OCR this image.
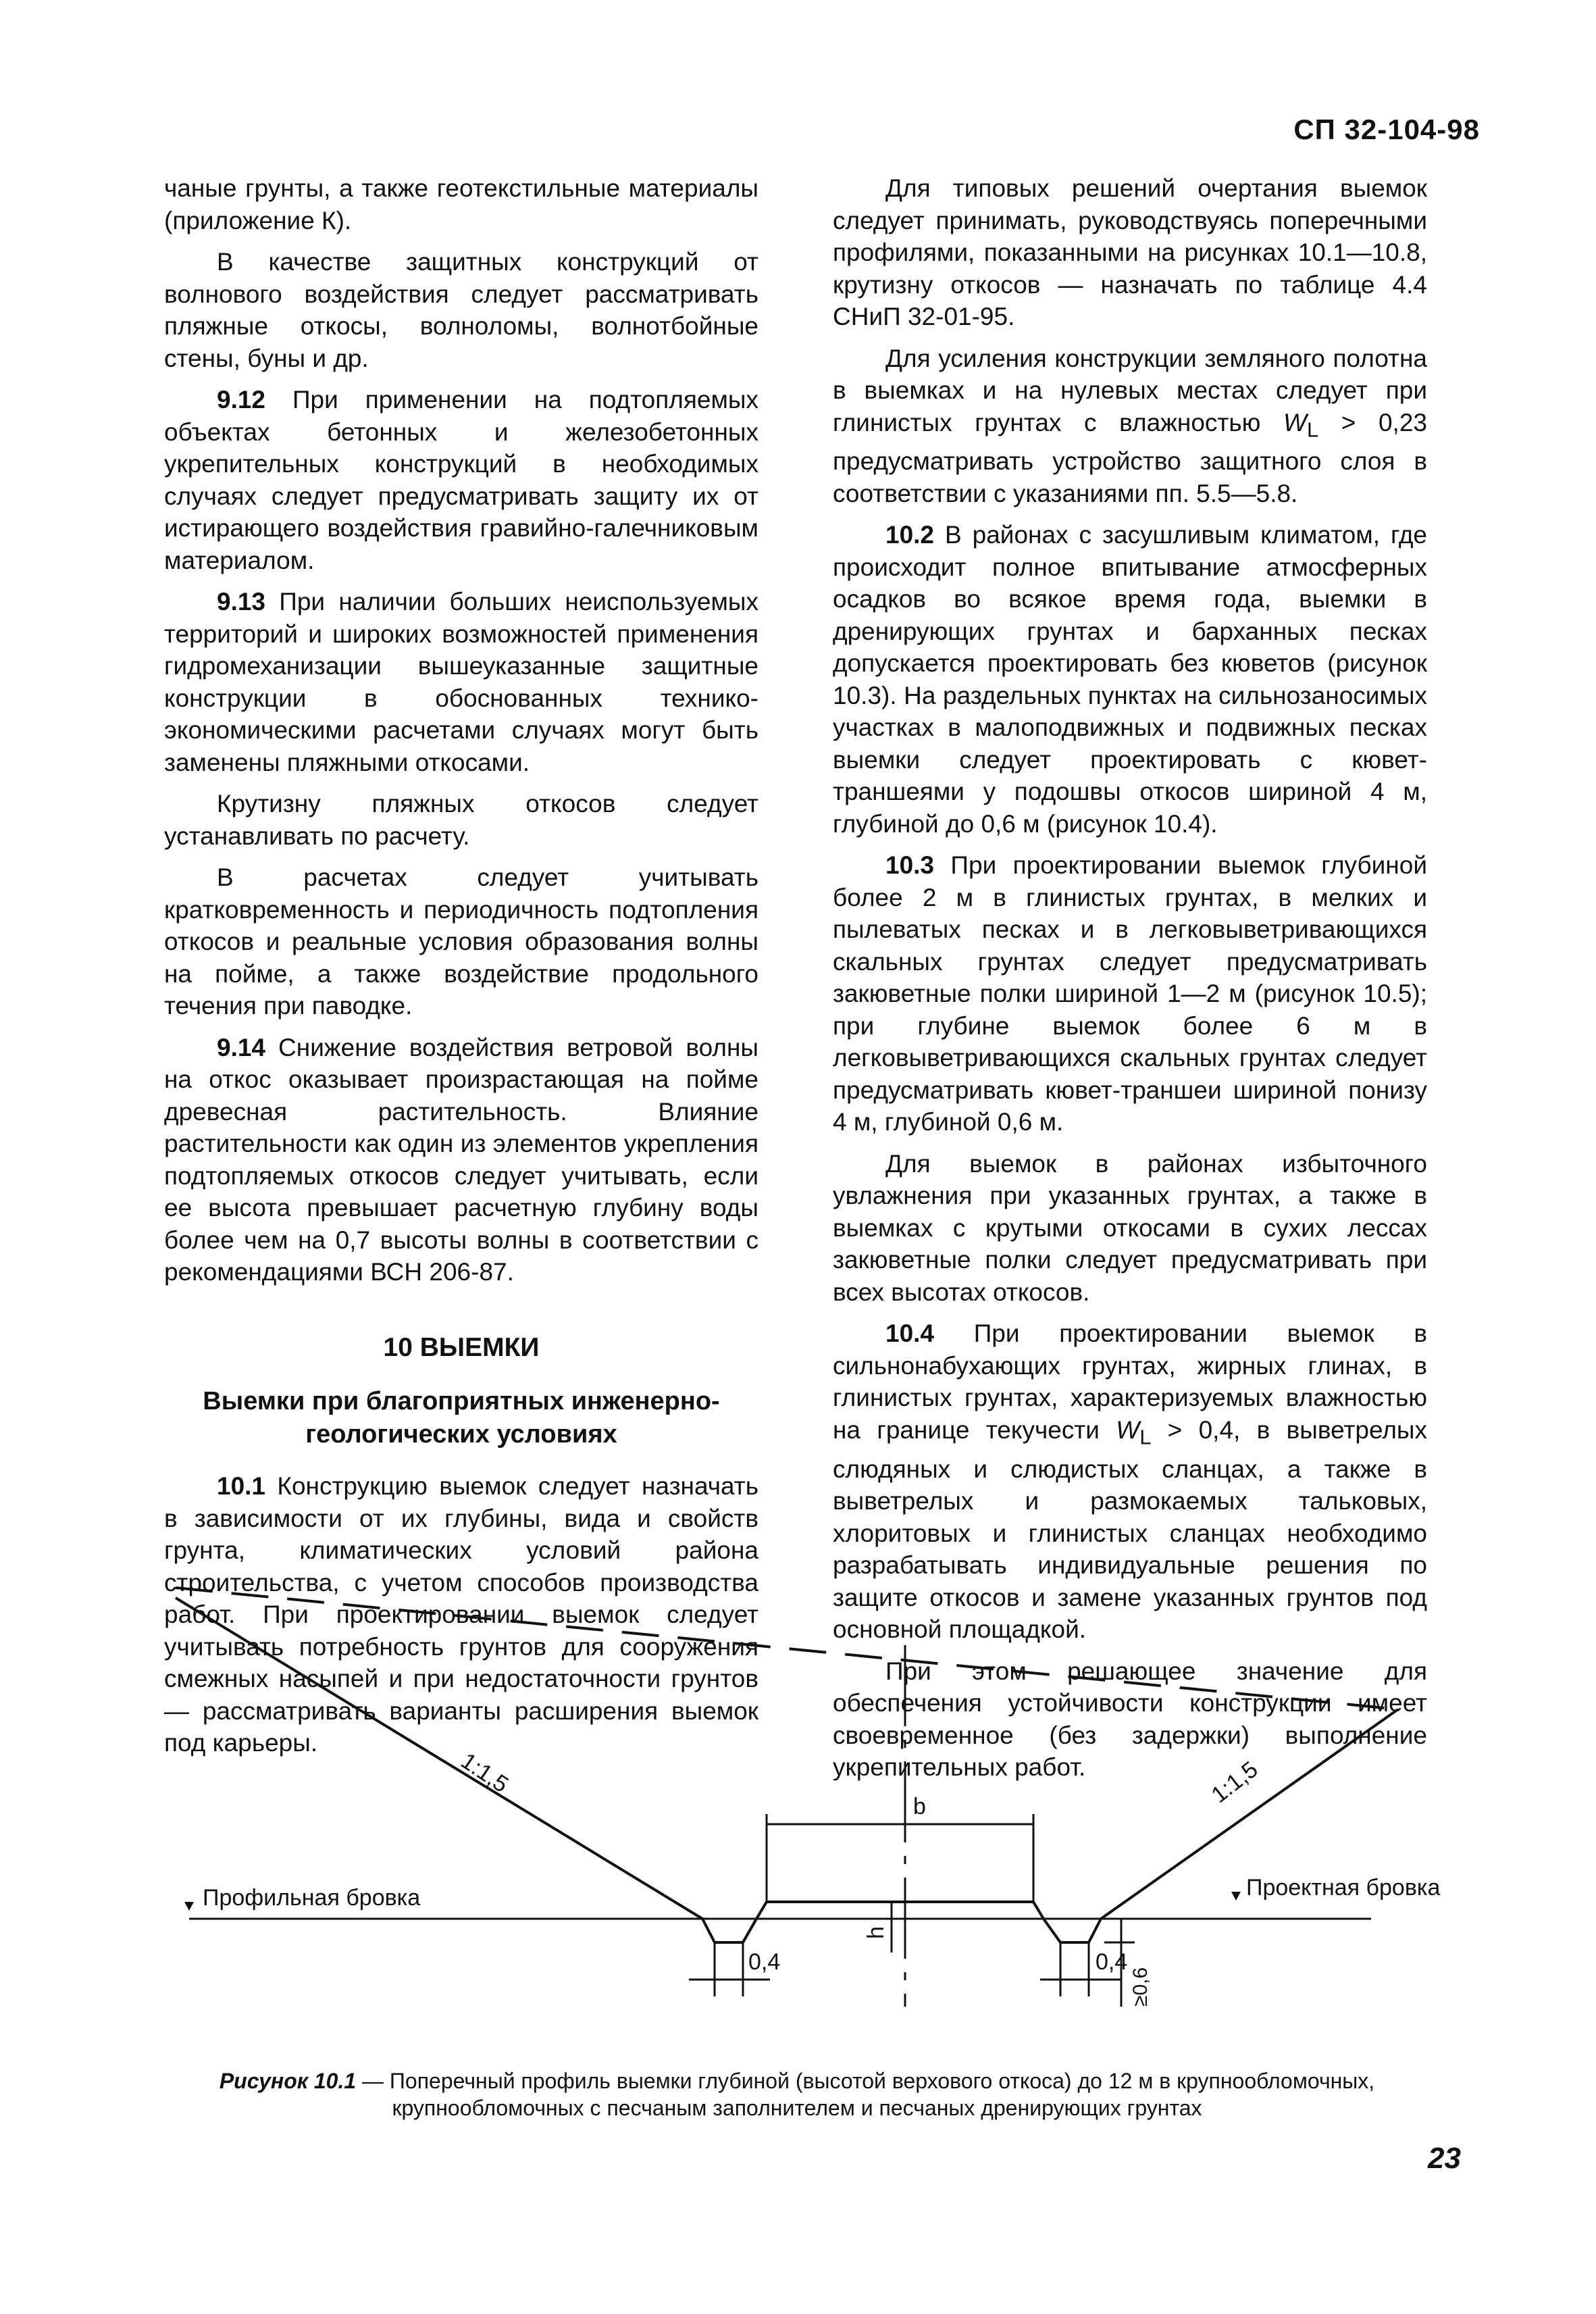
СП 32-104-98

чаные грунты, а также геотекстильные материалы (приложение К).

В качестве защитных конструкций от волнового воздействия следует рассматривать пляжные откосы, волноломы, волнотбойные стены, буны и др.

9.12 При применении на подтопляемых объектах бетонных и железобетонных укрепительных конструкций в необходимых случаях следует предусматривать защиту их от истирающего воздействия гравийно-галечниковым материалом.

9.13 При наличии больших неиспользуемых территорий и широких возможностей применения гидромеханизации вышеуказанные защитные конструкции в обоснованных технико-экономическими расчетами случаях могут быть заменены пляжными откосами.

Крутизну пляжных откосов следует устанавливать по расчету.

В расчетах следует учитывать кратковременность и периодичность подтопления откосов и реальные условия образования волны на пойме, а также воздействие продольного течения при паводке.

9.14 Снижение воздействия ветровой волны на откос оказывает произрастающая на пойме древесная растительность. Влияние растительности как один из элементов укрепления подтопляемых откосов следует учитывать, если ее высота превышает расчетную глубину воды более чем на 0,7 высоты волны в соответствии с рекомендациями ВСН 206-87.

10 ВЫЕМКИ
Выемки при благоприятных инженерно-геологических условиях

10.1 Конструкцию выемок следует назначать в зависимости от их глубины, вида и свойств грунта, климатических условий района строительства, с учетом способов производства работ. При проектировании выемок следует учитывать потребность грунтов для сооружения смежных насыпей и при недостаточности грунтов — рассматривать варианты расширения выемок под карьеры.

Для типовых решений очертания выемок следует принимать, руководствуясь поперечными профилями, показанными на рисунках 10.1—10.8, крутизну откосов — назначать по таблице 4.4 СНиП 32-01-95.

Для усиления конструкции земляного полотна в выемках и на нулевых местах следует при глинистых грунтах с влажностью $W_L > 0,23$ предусматривать устройство защитного слоя в соответствии с указаниями пп. 5.5—5.8.

10.2 В районах с засушливым климатом, где происходит полное впитывание атмосферных осадков во всякое время года, выемки в дренирующих грунтах и барханных песках допускается проектировать без кюветов (рисунок 10.3). На раздельных пунктах на сильнозаносимых участках в малоподвижных и подвижных песках выемки следует проектировать с кювет-траншеями у подошвы откосов шириной 4 м, глубиной до 0,6 м (рисунок 10.4).

10.3 При проектировании выемок глубиной более 2 м в глинистых грунтах, в мелких и пылеватых песках и в легковыветривающихся скальных грунтах следует предусматривать закюветные полки шириной 1—2 м (рисунок 10.5); при глубине выемок более 6 м в легковыветривающихся скальных грунтах следует предусматривать кювет-траншеи шириной понизу 4 м, глубиной 0,6 м.

Для выемок в районах избыточного увлажнения при указанных грунтах, а также в выемках с крутыми откосами в сухих лессах закюветные полки следует предусматривать при всех высотах откосов.

10.4 При проектировании выемок в сильнонабухающих грунтах, жирных глинах, в глинистых грунтах, характеризуемых влажностью на границе текучести $W_L > 0,4$, в выветрелых слюдяных и слюдистых сланцах, а также в выветрелых и размокаемых тальковых, хлоритовых и глинистых сланцах необходимо разрабатывать индивидуальные решения по защите откосов и замене указанных грунтов под основной площадкой.

При этом решающее значение для обеспечения устойчивости конструкции имеет своевременное (без задержки) выполнение укрепительных работ.

1:1,5	1:1,5
b
h
0,4	0,4
≥0,6
Профильная бровка	Проектная бровка
Рисунок 10.1 — Поперечный профиль выемки глубиной (высотой верхового откоса) до 12 м в крупнообломочных, крупнообломочных с песчаным заполнителем и песчаных дренирующих грунтах
23
